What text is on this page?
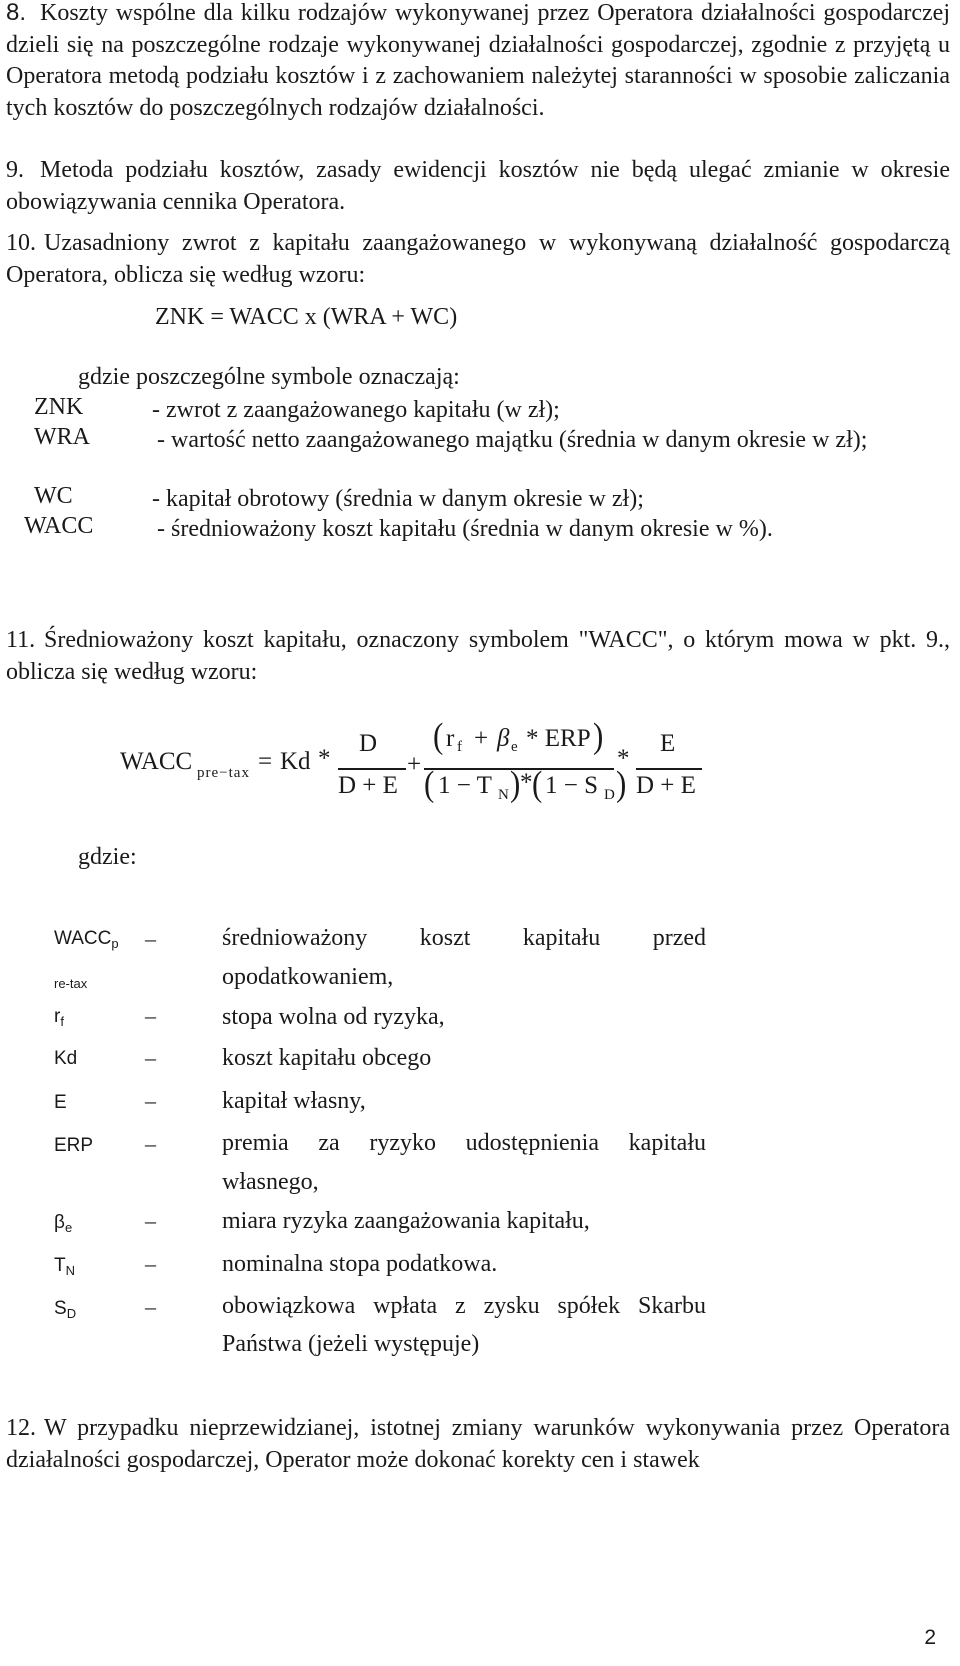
8. Koszty wspólne dla kilku rodzajów wykonywanej przez Operatora działalności gospodarczej dzieli się na poszczególne rodzaje wykonywanej działalności gospodarczej, zgodnie z przyjętą u Operatora metodą podziału kosztów i z zachowaniem należytej staranności w sposobie zaliczania tych kosztów do poszczególnych rodzajów działalności.
9. Metoda podziału kosztów, zasady ewidencji kosztów nie będą ulegać zmianie w okresie obowiązywania cennika Operatora.
10. Uzasadniony zwrot z kapitału zaangażowanego w wykonywaną działalność gospodarczą Operatora, oblicza się według wzoru:
ZNK = WACC x (WRA + WC)
gdzie poszczególne symbole oznaczają:
ZNK	- zwrot z zaangażowanego kapitału (w zł);
WRA	- wartość netto zaangażowanego majątku (średnia w danym okresie w zł);
WC	- kapitał obrotowy (średnia w danym okresie w zł);
WACC	- średnioważony koszt kapitału (średnia w danym okresie w %).
11. Średnioważony koszt kapitału, oznaczony symbolem "WACC", o którym mowa w pkt. 9., oblicza się według wzoru:
WACC pre−tax = Kd *
D
D + E
+
( r f + β e * ERP )
( 1 − T N ) * ( 1 − S D )
*
E
D + E
gdzie:
$WACC_p$ –	średnioważony koszt kapitału przed
re-tax	opodatkowaniem,
$r_f$	–	stopa wolna od ryzyka,
Kd	–	koszt kapitału obcego
E	–	kapitał własny,
ERP –	premia za ryzyko udostępnienia kapitału
własnego,
$\beta_e$	–	miara ryzyka zaangażowania kapitału,
$T_N$	–	nominalna stopa podatkowa.
$S_D$	–	obowiązkowa wpłata z zysku spółek Skarbu
Państwa (jeżeli występuje)
12. W przypadku nieprzewidzianej, istotnej zmiany warunków wykonywania przez Operatora działalności gospodarczej, Operator może dokonać korekty cen i stawek
2
